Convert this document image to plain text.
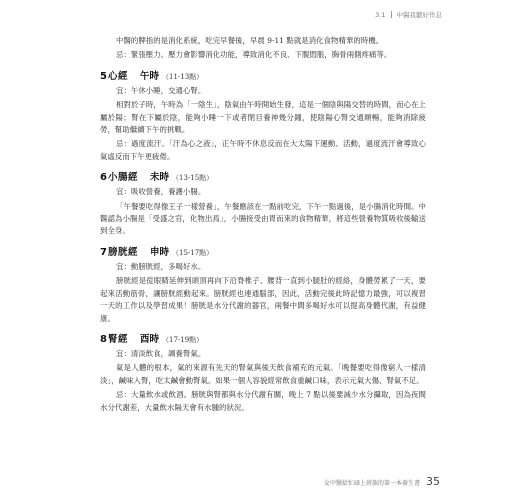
3.1 中醫我聽好作息

中醫的脾指的是消化系統，吃完早餐後，早晨 9-11 點就是消化食物精華的時機。

忌：緊張壓力。壓力會影響消化功能，導致消化不良、下腹悶脹，胸骨兩側疼痛等。

5 心經 午時 （11-13點）

宜：午休小睡，交通心腎。

相對於子時，午時為「一陰生」，陰氣由午時開始生發，這是一個陰與陽交替的時間，而心在上屬於陽；腎在下屬於陰，能夠小睡一下或者閉目養神幾分鐘，使陰陽心腎交通順暢，能夠消除疲勞，幫助繼續下午的挑戰。

忌：過度流汗。「汗為心之液」，正午時不休息反而在大太陽下運動、活動，過度流汗會導致心氣虛反而下午更疲倦。

6 小腸經 未時 （13-15點）

宜：吸收營養，養護小腸。

「午餐要吃得像王子一樣營養」，午餐應該在一點前吃完，下午一點過後，是小腸消化時間。中醫認為小腸是「受盛之官，化物出焉」，小腸接受由胃而來的食物精華，將這些營養物質吸收後輸送到全身。

7 膀胱經 申時 （15-17點）

宜：動膀胱經，多喝好水。

膀胱經是從眼睛延伸到頭頂再向下沿脊椎子、腰背一直到小腿肚的經絡，身體勞累了一天，要起來活動筋骨，讓膀胱經動起來。膀胱經也連通腦部，因此，活動完後此時記憶力最強，可以複習一天的工作以及學習成果！膀胱是水分代謝的器官，兩餐中間多喝好水可以提高身體代謝，有益健康。

8 腎經 酉時 （17-19點）

宜：清淡飲食，調養腎氣。

氣是人體的根本，氣的來源有先天的腎氣與後天飲食補充的元氣。「晚餐要吃得像窮人一樣清淡」，鹹味入腎，吃太鹹會動腎氣。如果一個人容貌經常飲食重鹹口味，表示元氣大傷、腎氣不足。

忌：大量飲水或飲酒。膀胱與腎都與水分代謝有關，晚上 7 點以後要減少水分攝取，因為夜間水分代謝差，大量飲水隔天會有水腫的狀況。

女中醫給忙碌上班族的第一本養生書 35
